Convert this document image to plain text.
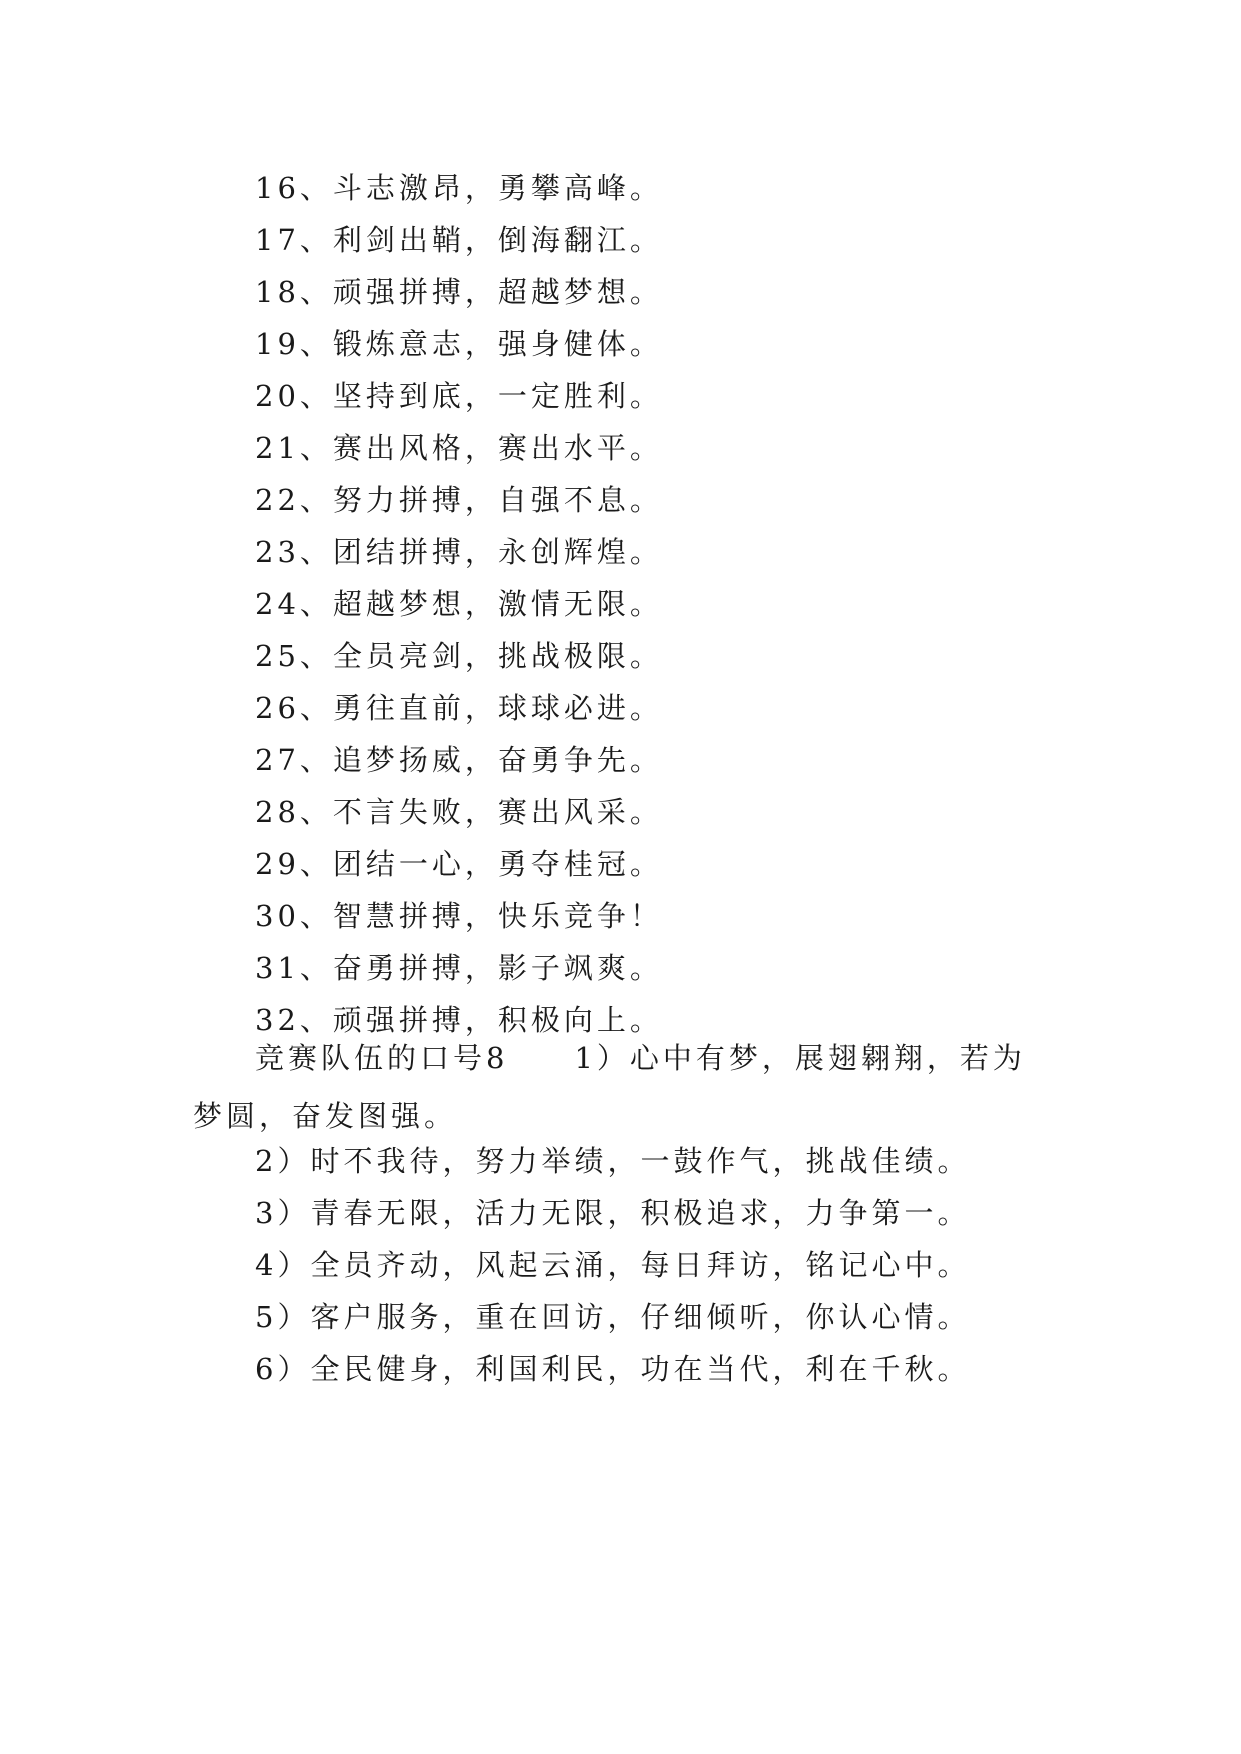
16、斗志激昂，勇攀高峰。
17、利剑出鞘，倒海翻江。
18、顽强拼搏，超越梦想。
19、锻炼意志，强身健体。
20、坚持到底，一定胜利。
21、赛出风格，赛出水平。
22、努力拼搏，自强不息。
23、团结拼搏，永创辉煌。
24、超越梦想，激情无限。
25、全员亮剑，挑战极限。
26、勇往直前，球球必进。
27、追梦扬威，奋勇争先。
28、不言失败，赛出风采。
29、团结一心，勇夺桂冠。
30、智慧拼搏，快乐竞争！
31、奋勇拼搏，影子飒爽。
32、顽强拼搏，积极向上。
竞赛队伍的口号8　　1）心中有梦，展翅翱翔，若为梦圆，奋发图强。
2）时不我待，努力举绩，一鼓作气，挑战佳绩。
3）青春无限，活力无限，积极追求，力争第一。
4）全员齐动，风起云涌，每日拜访，铭记心中。
5）客户服务，重在回访，仔细倾听，你认心情。
6）全民健身，利国利民，功在当代，利在千秋。
